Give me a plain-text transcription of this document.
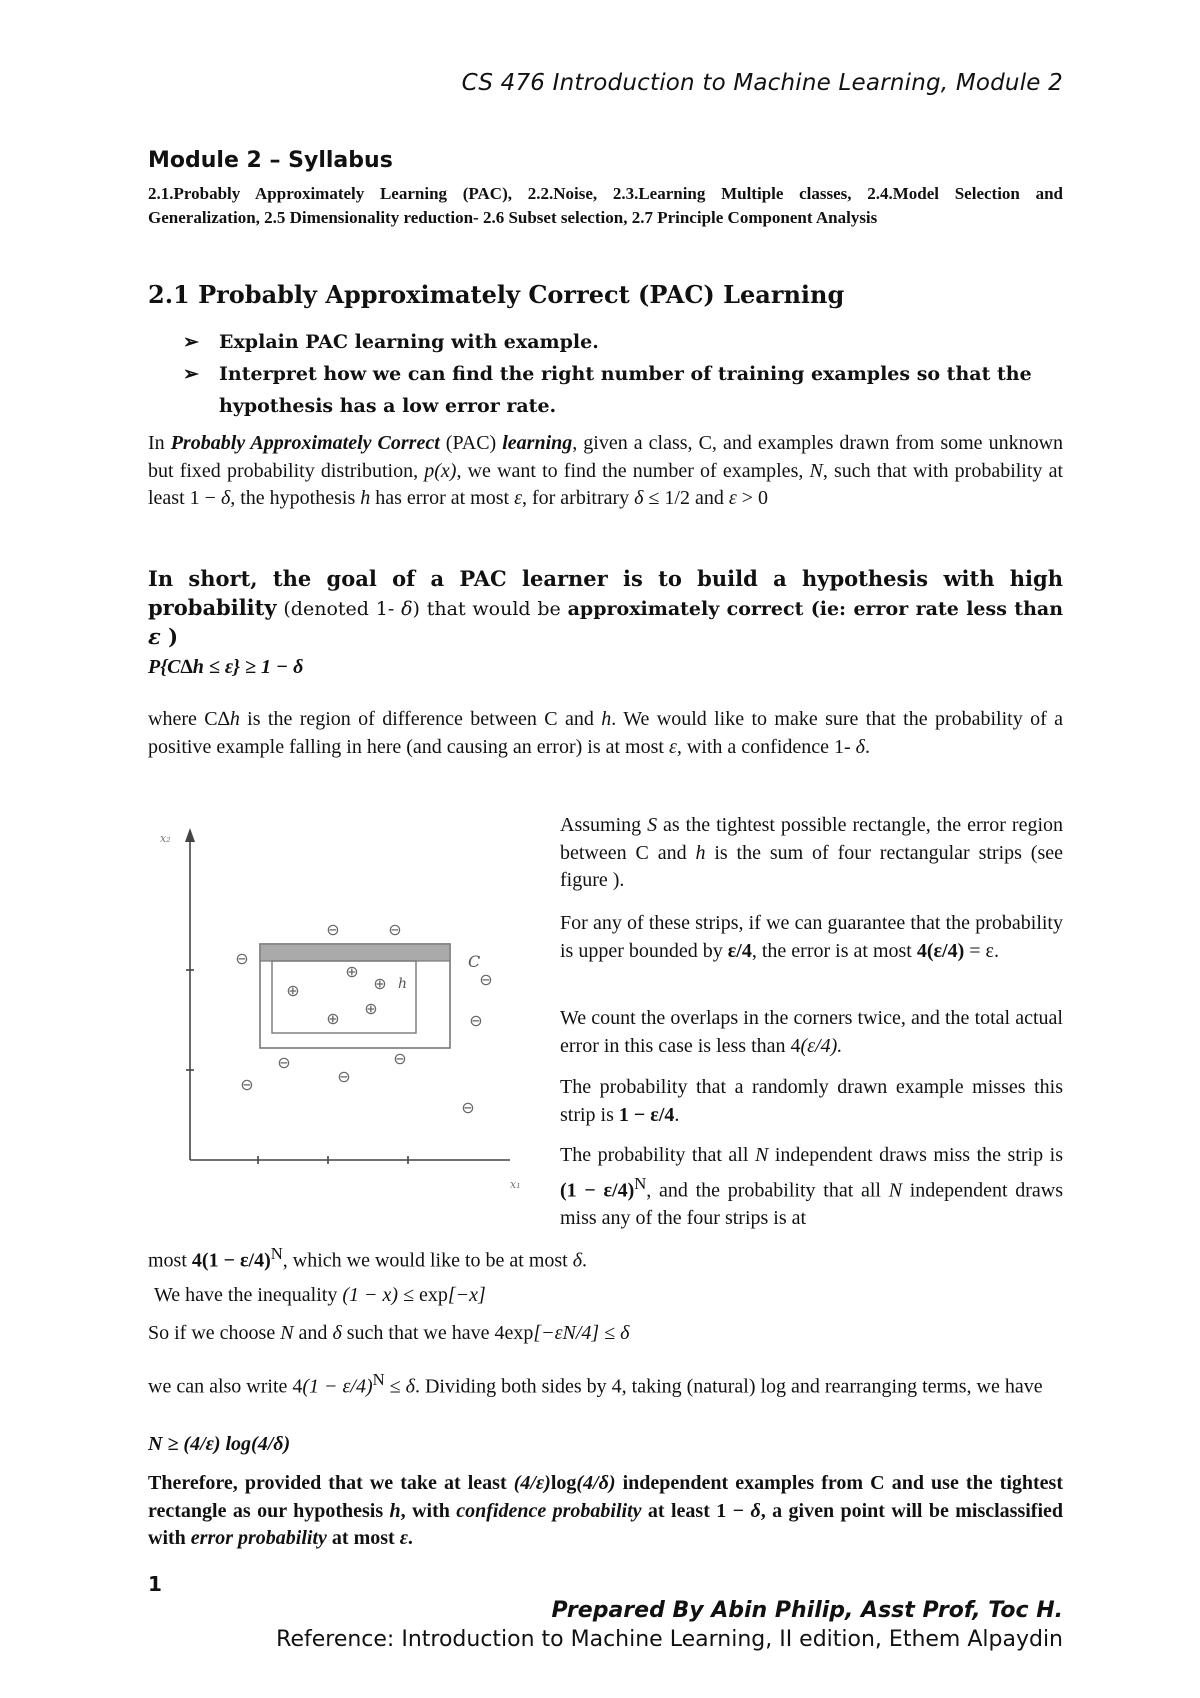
CS 476 Introduction to Machine Learning, Module 2
Module 2 – Syllabus
2.1.Probably Approximately Learning (PAC), 2.2.Noise, 2.3.Learning Multiple classes, 2.4.Model Selection and Generalization, 2.5 Dimensionality reduction- 2.6 Subset selection, 2.7 Principle Component Analysis
2.1 Probably Approximately Correct (PAC) Learning
➢ Explain PAC learning with example.
➢ Interpret how we can find the right number of training examples so that the hypothesis has a low error rate.
In Probably Approximately Correct (PAC) learning, given a class, C, and examples drawn from some unknown but fixed probability distribution, p(x), we want to find the number of examples, N, such that with probability at least 1 − δ, the hypothesis h has error at most ε, for arbitrary δ ≤ 1/2 and ε > 0
In short, the goal of a PAC learner is to build a hypothesis with high probability (denoted 1- δ) that would be approximately correct (ie: error rate less than ε )
P{C∆h ≤ ε} ≥ 1 − δ
where C∆h is the region of difference between C and h. We would like to make sure that the probability of a positive example falling in here (and causing an error) is at most ε, with a confidence 1- δ.
x₂
x₁
C
h
⊕
⊕	⊕
⊕
⊕
⊖	⊖
⊖
⊖
⊖
⊖	⊖
⊖
⊖
⊖
Assuming S as the tightest possible rectangle, the error region between C and h is the sum of four rectangular strips (see figure ).
For any of these strips, if we can guarantee that the probability is upper bounded by ε/4, the error is at most 4(ε/4) = ε.
We count the overlaps in the corners twice, and the total actual error in this case is less than 4(ε/4).
The probability that a randomly drawn example misses this strip is 1 − ε/4.
The probability that all N independent draws miss the strip is $(1 - \varepsilon/4)^N$, and the probability that all N independent draws miss any of the four strips is at
most $4(1 - \varepsilon/4)^N$, which we would like to be at most δ.
We have the inequality (1 − x) ≤ exp[−x]
So if we choose N and δ such that we have 4exp[−εN/4] ≤ δ
we can also write $4(1 - \varepsilon/4)^N \le \delta$. Dividing both sides by 4, taking (natural) log and rearranging terms, we have
N ≥ (4/ε) log(4/δ)
Therefore, provided that we take at least (4/ε)log(4/δ) independent examples from C and use the tightest rectangle as our hypothesis h, with confidence probability at least 1 − δ, a given point will be misclassified with error probability at most ε.
1
Prepared By Abin Philip, Asst Prof, Toc H.
Reference: Introduction to Machine Learning, II edition, Ethem Alpaydin
